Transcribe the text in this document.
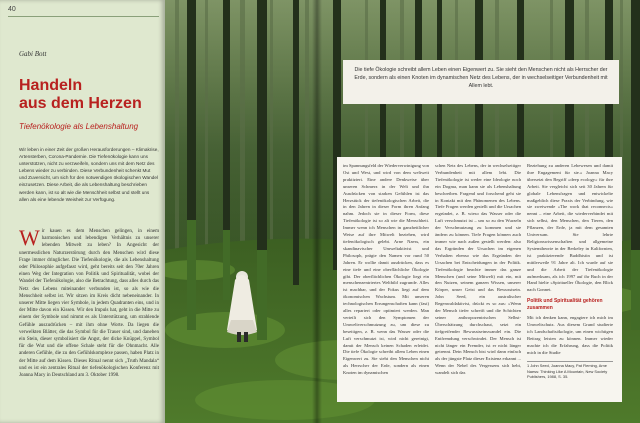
40
Gabi Bott
Handeln
aus dem Herzen
Tiefenökologie als Lebenshaltung

Wir leben in einer Zeit der großen Herausforderungen – Klimakrise, Artensterben, Corona-Pandemie. Die Tiefenökologie kann uns unterstützen, nicht zu verzweifeln, sondern uns mit dem Netz des Lebens wieder zu verbinden. Diese Verbundenheit schenkt Mut und Zuversicht, um sich für den notwendigen ökologischen Wandel einzusetzen. Diese Arbeit, die als Lebenshaltung beschrieben werden kann, ist so alt wie die Menschheit selbst und stellt uns allen als eine lebende Weisheit zur Verfügung.

Wir kauen es dem Menschen gelingen, in einem harmonischen und lebendigen Verhältnis zu unserer lebenden Mitwelt zu leben? In Angesicht der unermesslichen Naturzerstörung durch den Menschen wird diese Frage immer dringlicher. Die Tiefenökologie, die als Lebenshaltung oder Philosophie aufgefasst wird, geht bereits seit den 70er Jahren einen Weg der Integration von Politik und Spiritualität, wobei der Wandel der Tiefenökologie, also die Betrachtung, dass alles durch das Netz des Lebens miteinander verbunden ist, so als wie die Menschheit selbst ist. Wir sitzen im Kreis dicht nebeneinander. In unserer Mitte liegen vier Symbole, in jedem Quadranten eins, und in der Mitte davon ein Kissen. Wir den Impuls hat, geht in die Mitte zu einem der Symbole und nimmt es als Unterstützung, um strahlende Gefühle auszudrücken – mit ihm ohne Worte. Da liegen die verwelkten Blätter, die das Symbol für die Trauer sind, und daneben ein Stein, dieser symbolisiert die Angst, der dicke Knüppel, Symbol für die Wut und die offene Schale steht für die Ohnmacht. Alle anderen Gefühle, die zu den Gefühlskomplexe passen, haben Platz in der Mitte auf dem Kissen. Dieses Ritual nennt sich „Truth Mandala“ und es ist ein zentrales Ritual der tiefenökologischen Konferenz mit Joanna Macy in Deutschland am 3. Oktober 1998.

Die tiefe Ökologie schreibt allem Leben einen Eigenwert zu. Sie sieht den Menschen nicht als Herrscher der Erde, sondern als einen Knoten im dynamischen Netz des Lebens, der in wechselseitiger Verbundenheit mit Allem lebt.

im Spannungsfeld der Wiederverwinigung von Ost und West, und wird von dem weltweit praktiziert. Eine andere Denkweise über unseren Schmerz in der Welt und ihn Ausdrücken von starken Gefühlen ist das Herzstück der tiefenökologischen Arbeit, die in den Jahren in dieser Form ihren Anfang nahm. Jedoch sie in dieser Form, diese Tiefenökologie ist so alt wie die Menschheit. Immer wenn ich Menschen in ganzheitlicher Weise auf ihre Mitwelt beziehen, wird tiefenökologisch gelebt. Arne Naess, ein skandinavischer Umweltaktivist und Philosoph, prägte den Namen vor rund 50 Jahren. Er wollte damit ausdrücken, dass es eine tiefe und eine oberflächliche Ökologie gibt. Der oberflächlichen Ökologie liegt ein menschenzentriertes Weltbild zugrunde. Alles ist machbar, und der Fokus liegt auf dem ökonomischen Wachstum. Mit unseren technologischen Errungenschaften kann (fast) alles repariert oder optimiert werden. Man verteilt sich den Symptomen der Umweltverschmutzung zu, um diese zu beseitigen, z. B. wenn das Wasser oder die Luft verschmutzt ist, wird nicht gereinigt, damit der Mensch keinen Schaden erleidet. Die tiefe Ökologie schreibt allem Leben einen Eigenwert zu. Sie sieht den Menschen nicht als Herrscher der Erde, sondern als einen Knoten im dynamischen

schen Netz des Lebens, der in wechselseitiger Verbundenheit mit allem lebt. Die Tiefenökologie ist weder eine Ideologie noch ein Dogma, man kann sie als Lebenshaltung beschreiben. Fragend und forschend geht sie in Kontakt mit den Phänomenen des Lebens. Tiefe Fragen werden gestellt und die Ursachen ergründet, z. B. wieso das Wasser oder die Luft verschmutzt ist – um so zu den Wurzeln der Verschmutzung zu kommen und sie ändern zu können. Tiefe Fragen können auch immer wie nach außen gestellt werden: also das Ergründen der Ursachen im eigenen Verhalten ebenso wie das Ergründen der Ursachen bei Entscheidungen in der Politik. Tiefenökologie beachte immer das ganze Menschen (und seine Mitwelt) mit ein, mit den Nutzen, seinem ganzen Wissen, unserer Körper, unser Geist und das Bewusstsein. John Seed, ein australischer Regenwaldaktivist, drückt es so aus: »Wenn der Mensch tiefer schreift und die Schichten seiner anthropozentrischen Selbst-Überschätzung durchschaut, setzt ein tiefgreifender Bewusstseinswandel ein. Die Entfremdung verschwindet. Der Mensch ist nicht länger ein Fremder, ist er nicht länger getrennt. Dein Mensch bist wird dann einfach als der jüngste Platz dieser Existenz erkannt ... Wenn der Nebel des Vergessens sich hebt, wandelt sich das

Beziehung zu anderen Lebewesen und damit ihre Engagement für sie.« Joanna Macy übersetzt den Begriff »deep ecology« für ihre Arbeit. Sie vergleicht sich seit 30 Jahren für globale Lebensfragen und entwickelte maßgeblich diese Praxis der Verbindung, wie sie zweiwende »The work that reconnects« nennt – eine Arbeit, die wiederverbindet mit sich selbst, den Menschen, den Tieren, den Pflanzen, der Erde, ja mit dem gesamten Universum. Sie lehrte Religionswissenschaften und allgemeine Systemtheorie in der Berkeley in Kalifornien, ist praktizierende Buddhistin und ist mittlerweile 91 Jahre alt. Ich wurde auf sie und die Arbeit der Tiefenökologie aufmerksam, als ich 1997 auf ihr Buch in der Hand hielte »Spiritueller Ökologie, den Blick nach Gonnet.
Politik und Spiritualität gehören zusammen
Mit ich denken kann, engagiere ich mich im Umweltschutz. Aus diesem Grund studierte ich Landschaftsökologie, um einen wichtigen Beitrag leisten zu können. Immer wieder machte ich die Erfahrung, dass die Politik mich in die Studie
1 John Seed, Joanna Macy, Pat Fleming, Arne Naess: Thinking Like A Mountain, New Society Publishers, 1988, S. 35.
